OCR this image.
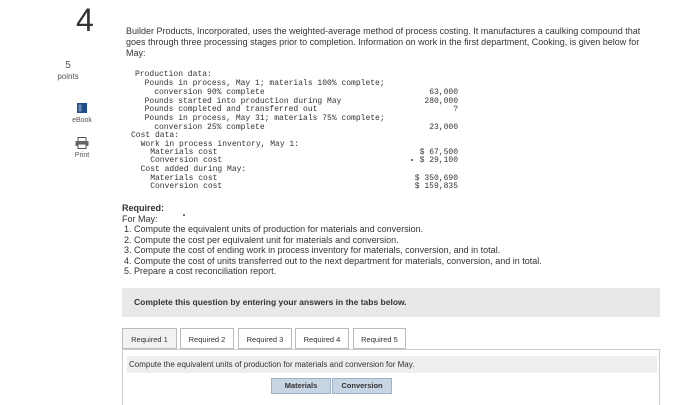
4
5
points
eBook
Print
Builder Products, Incorporated, uses the weighted-average method of process costing. It manufactures a caulking compound that goes through three processing stages prior to completion. Information on work in the first department, Cooking, is given below for May:
Production data:
Pounds in process, May 1; materials 100% complete;
conversion 90% complete	63,000
Pounds started into production during May	280,000
Pounds completed and transferred out	?
Pounds in process, May 31; materials 75% complete;
conversion 25% complete	23,000
Cost data:
Work in process inventory, May 1:
Materials cost	$ 67,500
Conversion cost	$ 29,100
Cost added during May:
Materials cost	$ 350,690
Conversion cost	$ 159,835
Required:
For May:
1. Compute the equivalent units of production for materials and conversion.
2. Compute the cost per equivalent unit for materials and conversion.
3. Compute the cost of ending work in process inventory for materials, conversion, and in total.
4. Compute the cost of units transferred out to the next department for materials, conversion, and in total.
5. Prepare a cost reconciliation report.
Complete this question by entering your answers in the tabs below.
Required 1	Required 2	Required 3	Required 4	Required 5
Compute the equivalent units of production for materials and conversion for May.
Materials	Conversion
